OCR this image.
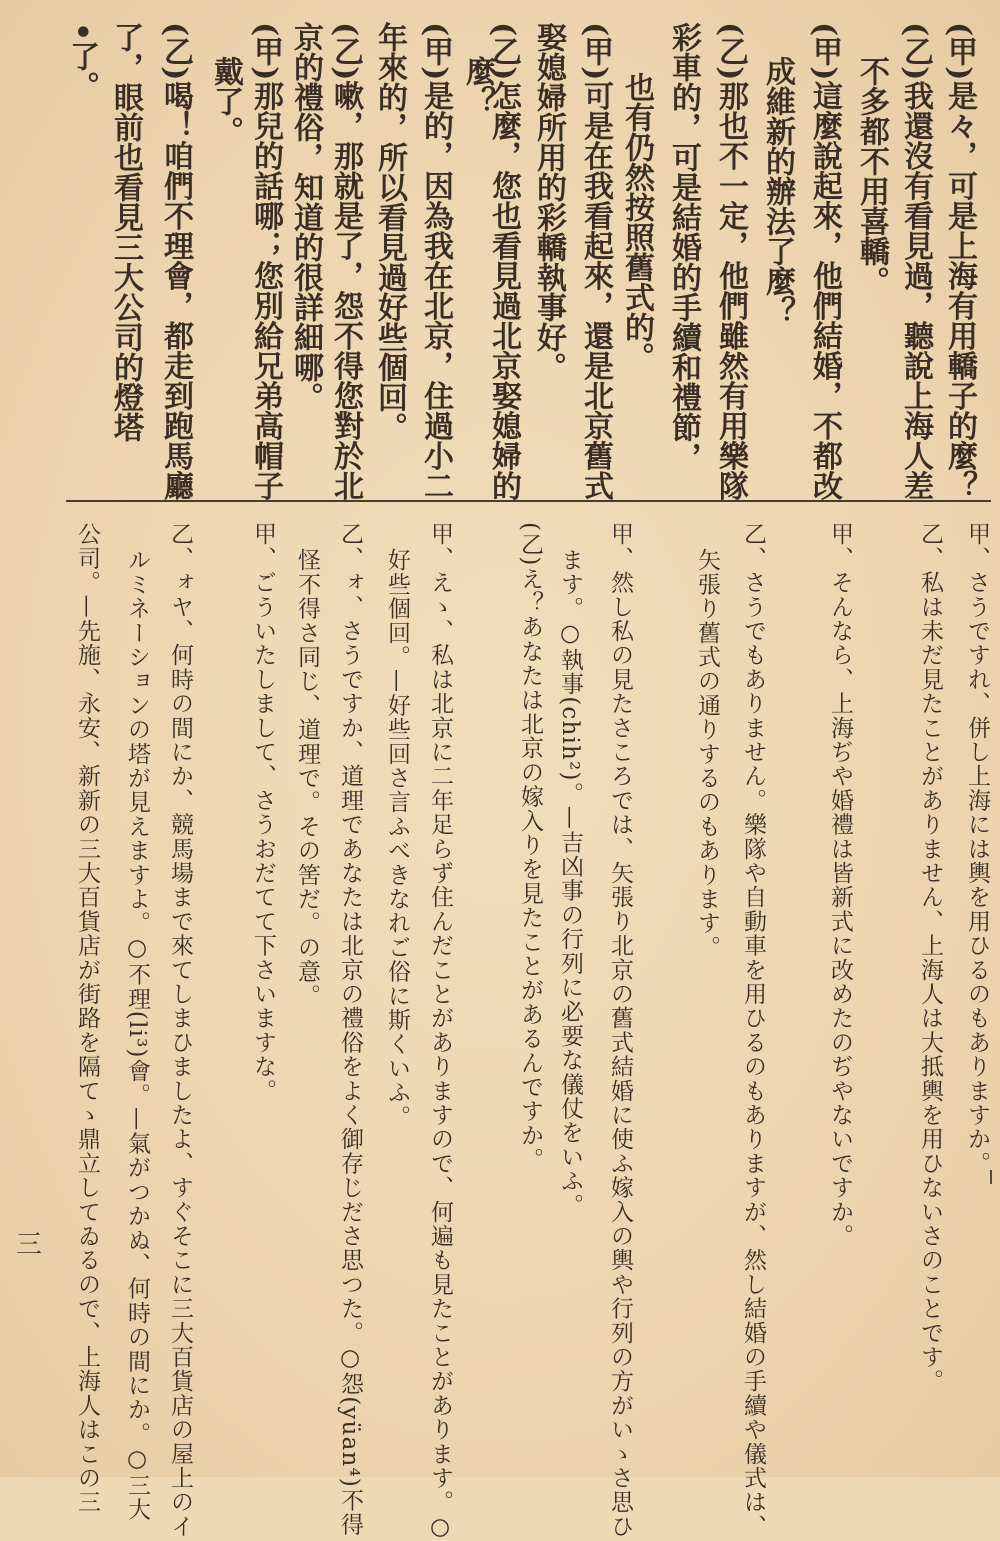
(甲)是々，可是上海有用轎子的麼？
(乙)我還沒有看見過，聽說上海人差
不多都不用喜轎。
(甲)這麼說起來，他們結婚，不都改
成維新的辦法了麼？
(乙)那也不一定，他們雖然有用樂隊
彩車的，可是結婚的手續和禮節，
也有仍然按照舊式的。
(甲)可是在我看起來，還是北京舊式
娶媳婦所用的彩轎執事好。
(乙)怎麼，您也看見過北京娶媳婦的
麼？
(甲)是的，因為我在北京，住過小二
年來的，所以看見過好些個回。
(乙)嗽，那就是了，怨不得您對於北
京的禮俗，知道的很詳細哪。
(甲)那兒的話哪；您別給兄弟高帽子
戴了。
(乙)喝！咱們不理會，都走到跑馬廳
了，眼前也看見三大公司的燈塔
•了。
甲、さうですれ、併し上海には輿を用ひるのもありますか。
乙、私は未だ見たことがありません、上海人は大抵輿を用ひないさのことです。
甲、そんなら、上海ぢや婚禮は皆新式に改めたのぢやないですか。
乙、さうでもありません。樂隊や自動車を用ひるのもありますが、然し結婚の手續や儀式は、
矢張り舊式の通りするのもあります。
甲、然し私の見たさころでは、矢張り北京の舊式結婚に使ふ嫁入の輿や行列の方がいゝさ思ひ
ます。○執事(chih²)。—吉凶事の行列に必要な儀仗をいふ。
(乙)え？あなたは北京の嫁入りを見たことがあるんですか。
甲、えゝ、私は北京に二年足らず住んだことがありますので、何遍も見たことがあります。○
好些個回。—好些回さ言ふべきなれご俗に斯くいふ。
乙、ォ、さうですか、道理であなたは北京の禮俗をよく御存じださ思つた。○怨(yüan⁴)不得
怪不得さ同じ、道理で。その筈だ。の意。
甲、ごういたしまして、さうおだてて下さいますな。
乙、ォヤ、何時の間にか、競馬場まで來てしまひましたよ、すぐそこに三大百貨店の屋上のイ
ルミネーションの塔が見えますよ。○不理(li³)會。—氣がつかぬ、何時の間にか。○三大
公司。—先施、永安、新新の三大百貨店が街路を隔てゝ鼎立してゐるので、上海人はこの三
三
